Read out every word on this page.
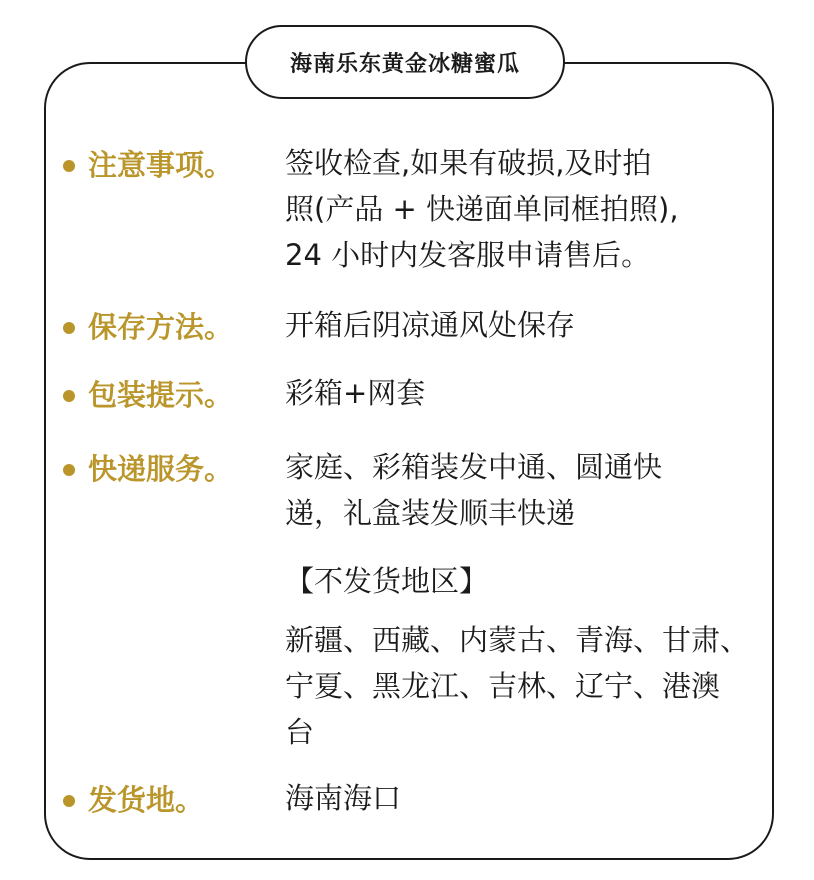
海南乐东黄金冰糖蜜瓜
注意事项。 签收检查,如果有破损,及时拍
照(产品 + 快递面单同框拍照),
24 小时内发客服申请售后。
保存方法。 开箱后阴凉通风处保存
包装提示。 彩箱+网套
快递服务。 家庭、彩箱装发中通、圆通快
递，礼盒装发顺丰快递
【不发货地区】
新疆、西藏、内蒙古、青海、甘肃、
宁夏、黑龙江、吉林、辽宁、港澳
台
发货地。	海南海口
